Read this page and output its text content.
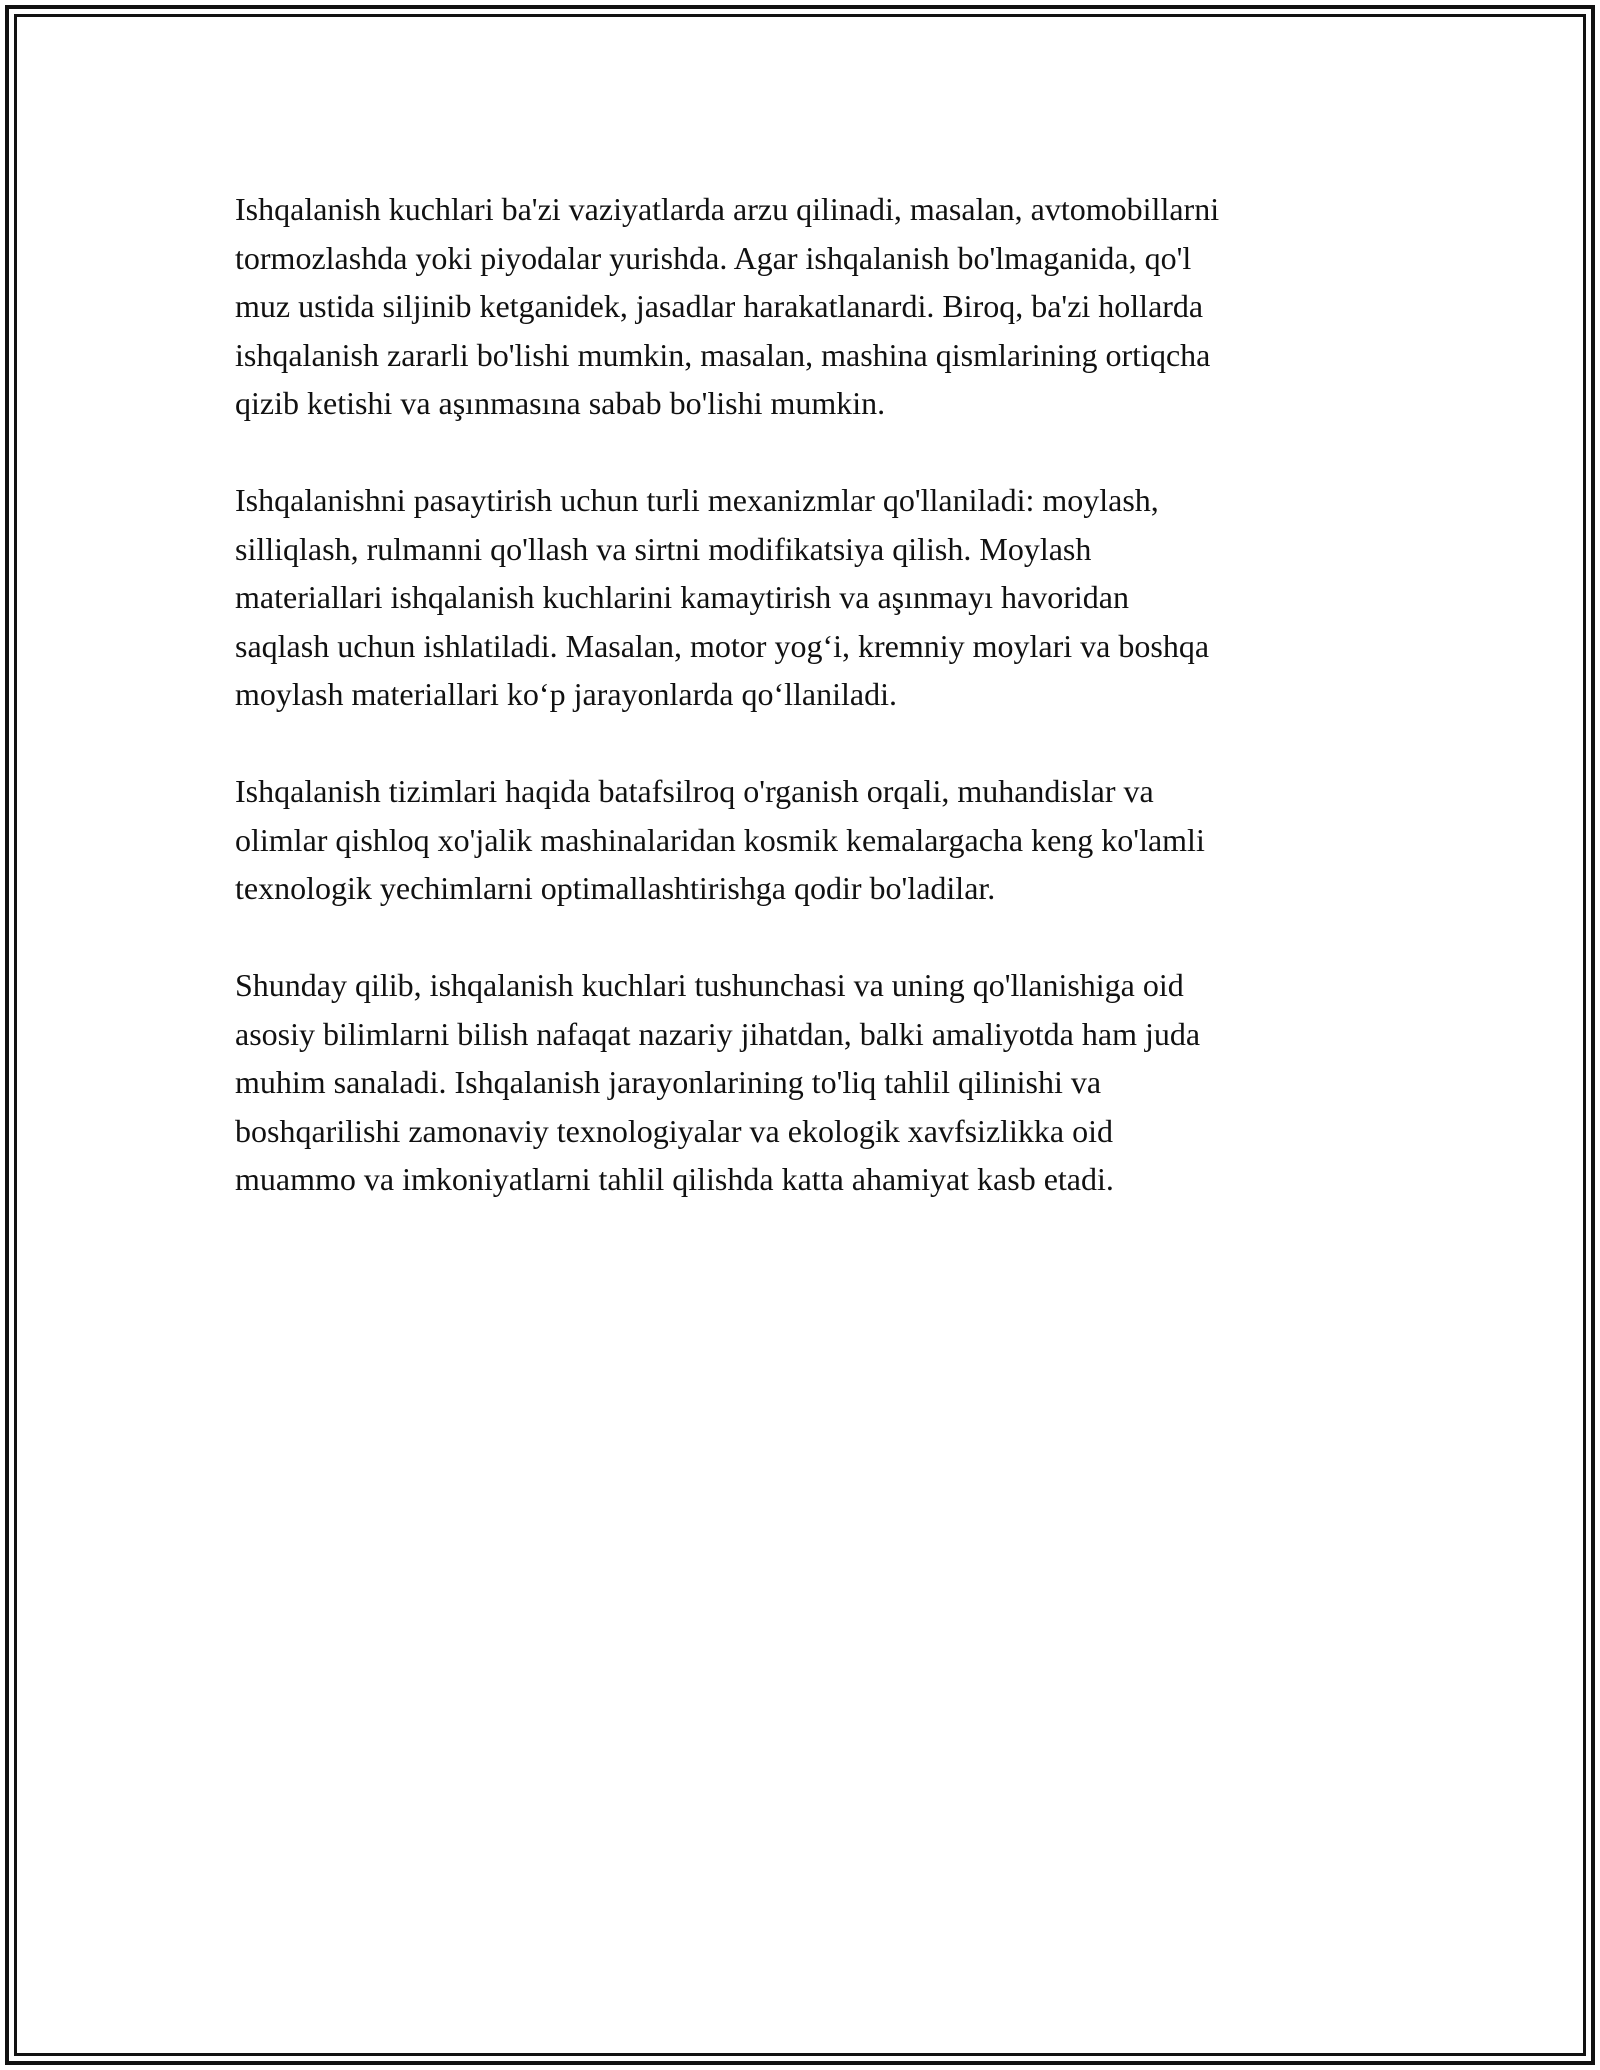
Ishqalanish kuchlari ba'zi vaziyatlarda arzu qilinadi, masalan, avtomobillarni
tormozlashda yoki piyodalar yurishda. Agar ishqalanish bo'lmaganida, qo'l
muz ustida siljinib ketganidek, jasadlar harakatlanardi. Biroq, ba'zi hollarda
ishqalanish zararli bo'lishi mumkin, masalan, mashina qismlarining ortiqcha
qizib ketishi va aşınmasına sabab bo'lishi mumkin.

Ishqalanishni pasaytirish uchun turli mexanizmlar qo'llaniladi: moylash,
silliqlash, rulmanni qo'llash va sirtni modifikatsiya qilish. Moylash
materiallari ishqalanish kuchlarini kamaytirish va aşınmayı havoridan
saqlash uchun ishlatiladi. Masalan, motor yog‘i, kremniy moylari va boshqa
moylash materiallari ko‘p jarayonlarda qo‘llaniladi.

Ishqalanish tizimlari haqida batafsilroq o'rganish orqali, muhandislar va
olimlar qishloq xo'jalik mashinalaridan kosmik kemalargacha keng ko'lamli
texnologik yechimlarni optimallashtirishga qodir bo'ladilar.

Shunday qilib, ishqalanish kuchlari tushunchasi va uning qo'llanishiga oid
asosiy bilimlarni bilish nafaqat nazariy jihatdan, balki amaliyotda ham juda
muhim sanaladi. Ishqalanish jarayonlarining to'liq tahlil qilinishi va
boshqarilishi zamonaviy texnologiyalar va ekologik xavfsizlikka oid
muammo va imkoniyatlarni tahlil qilishda katta ahamiyat kasb etadi.
